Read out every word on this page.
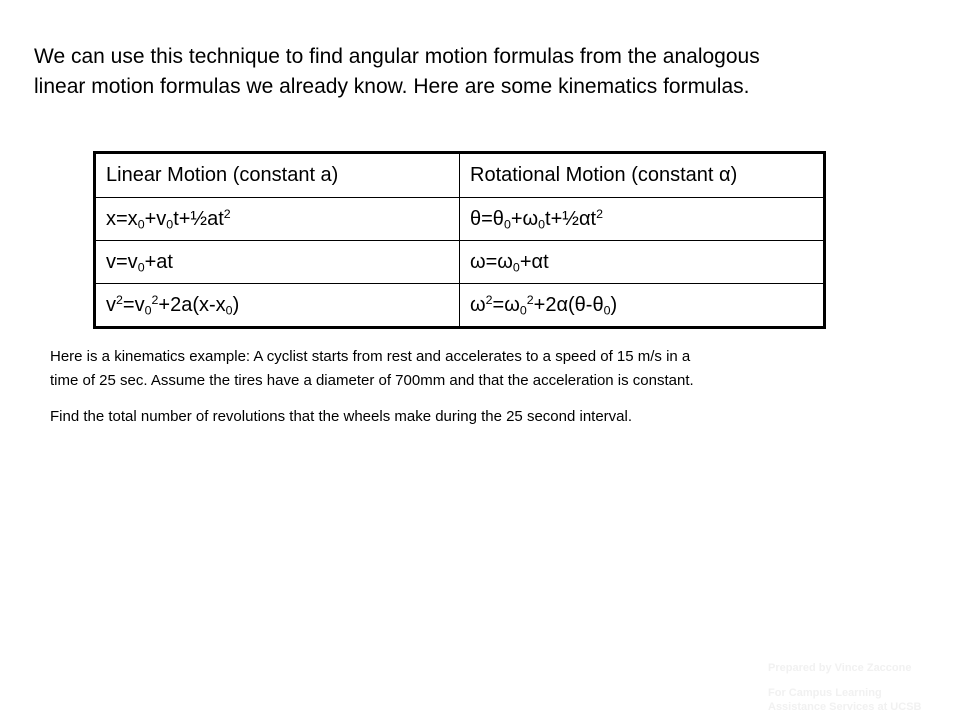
We can use this technique to find angular motion formulas from the analogous
linear motion formulas we already know. Here are some kinematics formulas.

Linear Motion (constant a)	Rotational Motion (constant α)
$x=x_0+v_0t+\frac{1}{2}at^2$	$\theta=\theta_0+\omega_0t+\frac{1}{2}\alpha t^2$
$v=v_0+at$	$\omega=\omega_0+\alpha t$
$v^2=v_0^2+2a(x-x_0)$	$\omega^2=\omega_0^2+2\alpha(\theta-\theta_0)$

Here is a kinematics example: A cyclist starts from rest and accelerates to a speed of 15 m/s in a
time of 25 sec. Assume the tires have a diameter of 700mm and that the acceleration is constant.

Find the total number of revolutions that the wheels make during the 25 second interval.

Prepared by Vince Zaccone

For Campus Learning
Assistance Services at UCSB
